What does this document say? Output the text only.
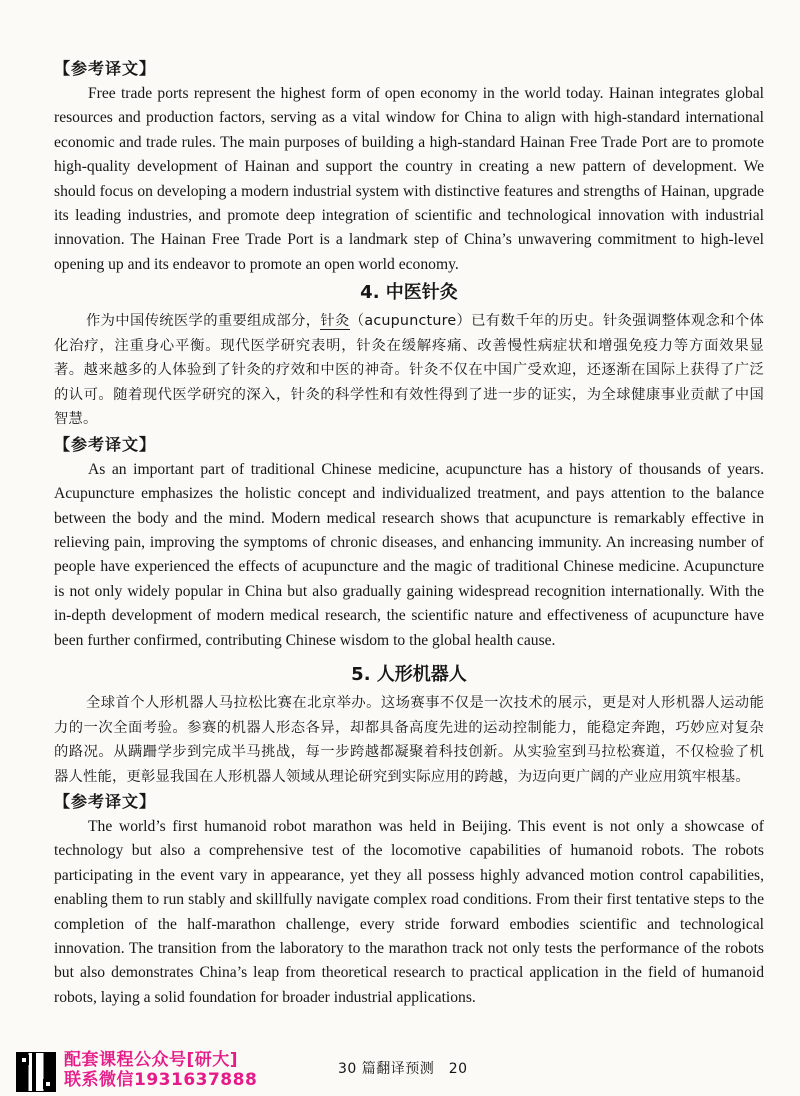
【参考译文】

Free trade ports represent the highest form of open economy in the world today. Hainan integrates global resources and production factors, serving as a vital window for China to align with high-standard international economic and trade rules. The main purposes of building a high-standard Hainan Free Trade Port are to promote high-quality development of Hainan and support the country in creating a new pattern of development. We should focus on developing a modern industrial system with distinctive features and strengths of Hainan, upgrade its leading industries, and promote deep integration of scientific and technological innovation with industrial innovation. The Hainan Free Trade Port is a landmark step of China’s unwavering commitment to high-level opening up and its endeavor to promote an open world economy.

4. 中医针灸

作为中国传统医学的重要组成部分，针灸（acupuncture）已有数千年的历史。针灸强调整体观念和个体化治疗，注重身心平衡。现代医学研究表明，针灸在缓解疼痛、改善慢性病症状和增强免疫力等方面效果显著。越来越多的人体验到了针灸的疗效和中医的神奇。针灸不仅在中国广受欢迎，还逐渐在国际上获得了广泛的认可。随着现代医学研究的深入，针灸的科学性和有效性得到了进一步的证实，为全球健康事业贡献了中国智慧。

【参考译文】

As an important part of traditional Chinese medicine, acupuncture has a history of thousands of years. Acupuncture emphasizes the holistic concept and individualized treatment, and pays attention to the balance between the body and the mind. Modern medical research shows that acupuncture is remarkably effective in relieving pain, improving the symptoms of chronic diseases, and enhancing immunity. An increasing number of people have experienced the effects of acupuncture and the magic of traditional Chinese medicine. Acupuncture is not only widely popular in China but also gradually gaining widespread recognition internationally. With the in-depth development of modern medical research, the scientific nature and effectiveness of acupuncture have been further confirmed, contributing Chinese wisdom to the global health cause.

5. 人形机器人

全球首个人形机器人马拉松比赛在北京举办。这场赛事不仅是一次技术的展示，更是对人形机器人运动能力的一次全面考验。参赛的机器人形态各异，却都具备高度先进的运动控制能力，能稳定奔跑，巧妙应对复杂的路况。从蹒跚学步到完成半马挑战，每一步跨越都凝聚着科技创新。从实验室到马拉松赛道，不仅检验了机器人性能，更彰显我国在人形机器人领域从理论研究到实际应用的跨越，为迈向更广阔的产业应用筑牢根基。

【参考译文】

The world’s first humanoid robot marathon was held in Beijing. This event is not only a showcase of technology but also a comprehensive test of the locomotive capabilities of humanoid robots. The robots participating in the event vary in appearance, yet they all possess highly advanced motion control capabilities, enabling them to run stably and skillfully navigate complex road conditions. From their first tentative steps to the completion of the half-marathon challenge, every stride forward embodies scientific and technological innovation. The transition from the laboratory to the marathon track not only tests the performance of the robots but also demonstrates China’s leap from theoretical research to practical application in the field of humanoid robots, laying a solid foundation for broader industrial applications.

配套课程公众号[研大]
联系微信1931637888
30 篇翻译预测　20
